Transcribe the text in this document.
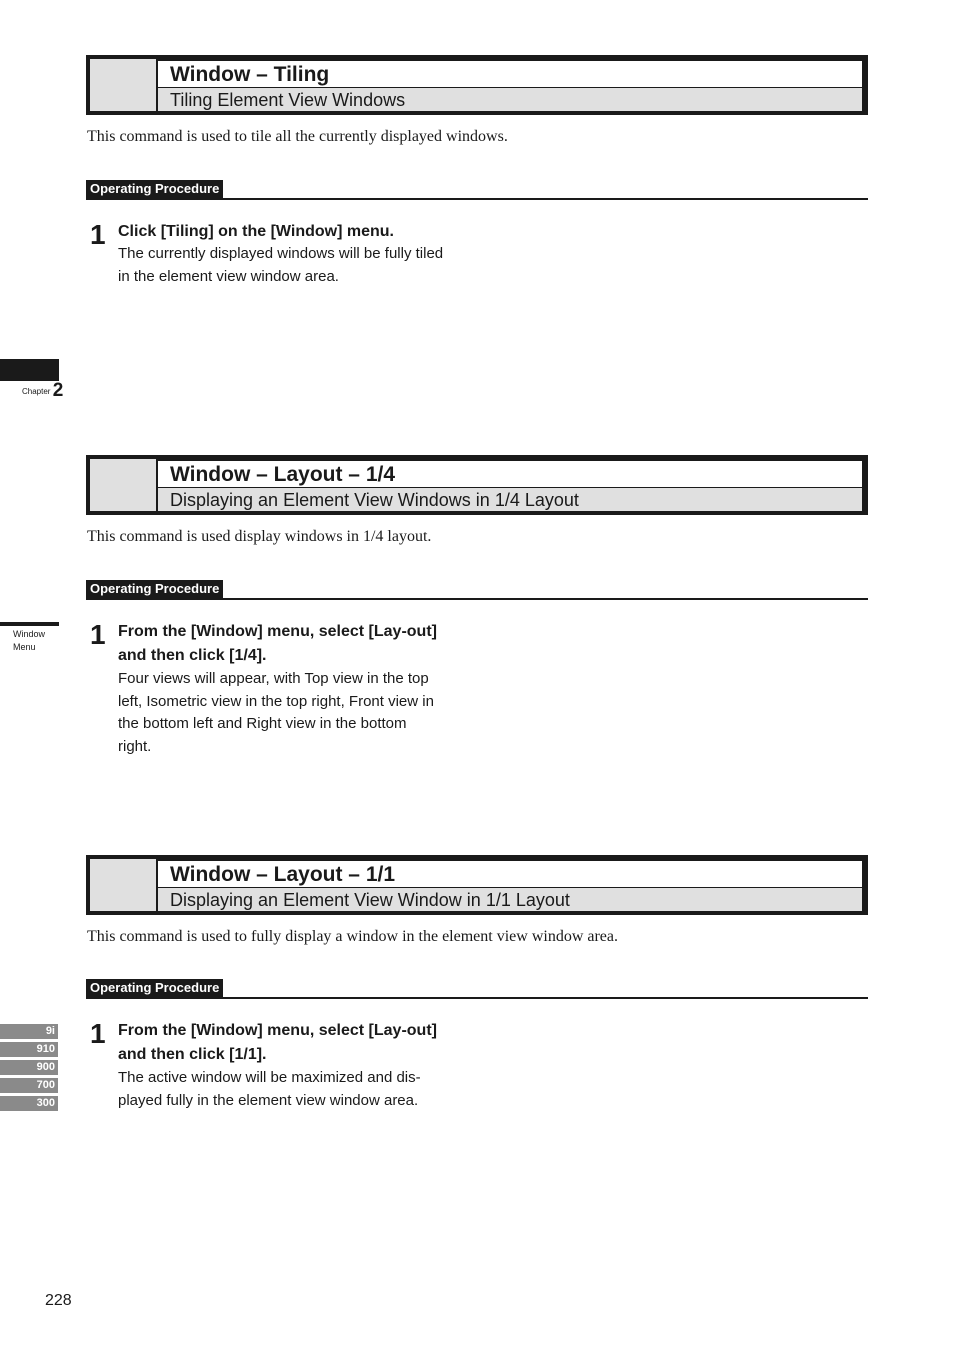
Chapter 2
Window
Menu
9i
910
900
700
300
Window – Tiling
Tiling Element View Windows
This command is used to tile all the currently displayed windows.
Operating Procedure
1 Click [Tiling] on the [Window] menu.
The currently displayed windows will be fully tiled in the element view window area.
Window – Layout – 1/4
Displaying an Element View Windows in 1/4 Layout
This command is used display windows in 1/4 layout.
Operating Procedure
1 From the [Window] menu, select [Lay-out] and then click [1/4].
Four views will appear, with Top view in the top left, Isometric view in the top right, Front view in the bottom left and Right view in the bottom right.
Window – Layout – 1/1
Displaying an Element View Window in 1/1 Layout
This command is used to fully display a window in the element view window area.
Operating Procedure
1 From the [Window] menu, select [Lay-out] and then click [1/1].
The active window will be maximized and dis-played fully in the element view window area.
228
